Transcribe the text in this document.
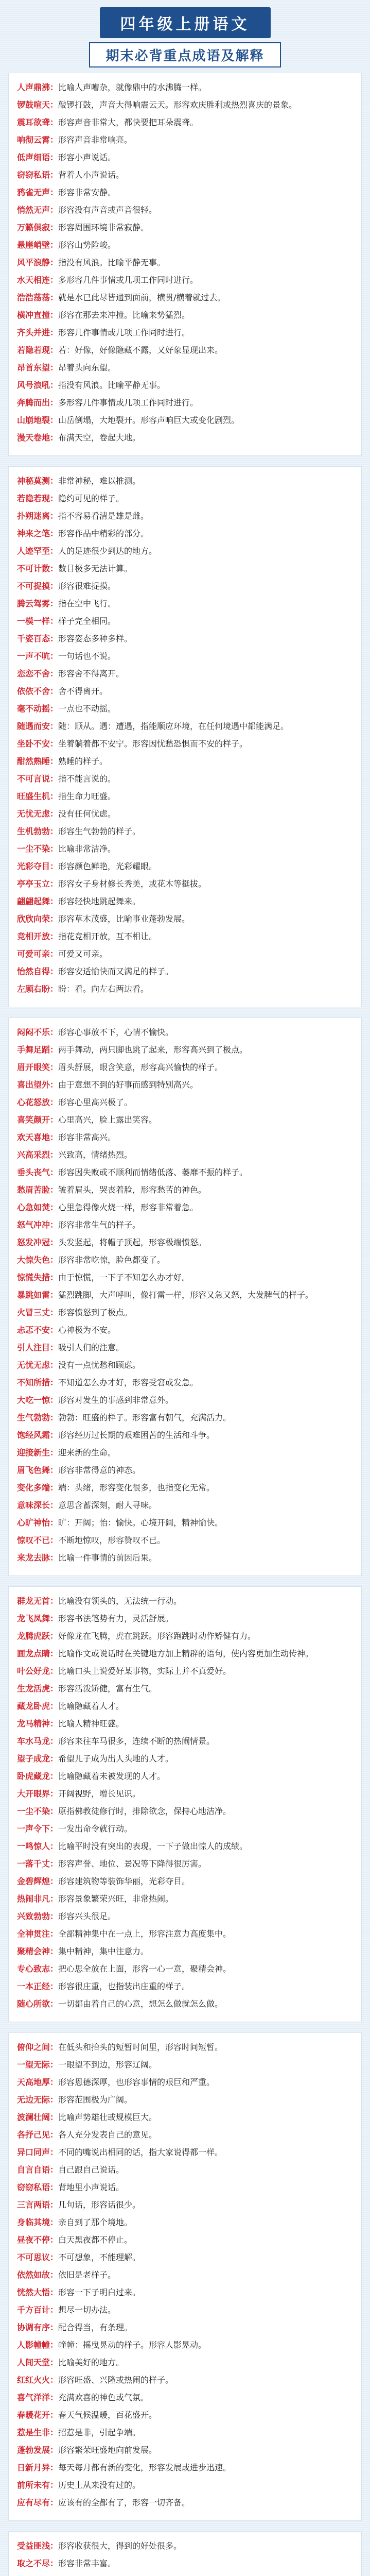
四年级上册语文
期末必背重点成语及解释
人声鼎沸：比喻人声嘈杂，就像鼎中的水沸腾一样。
锣鼓喧天：敲锣打鼓，声音大得响震云天。形容欢庆胜利或热烈喜庆的景象。
震耳欲聋：形容声音非常大，都快要把耳朵震聋。
响彻云霄：形容声音非常响亮。
低声细语：形容小声说话。
窃窃私语：背着人小声说话。
鸦雀无声：形容非常安静。
悄然无声：形容没有声音或声音很轻。
万籁俱寂：形容周围环境非常寂静。
悬崖峭壁：形容山势险峻。
风平浪静：指没有风浪。比喻平静无事。
水天相连：多形容几件事情或几项工作同时进行。
浩浩荡荡：就是水已此尽皆通到面前，横贯/横着就过去。
横冲直撞：形容在那去来冲撞。比喻来势猛烈。
齐头并进：形容几件事情或几项工作同时进行。
若隐若现：若：好像，好像隐藏不露，又好象显现出来。
昂首东望：昂着头向东望。
风号浪吼：指没有风浪。比喻平静无事。
奔腾而出：多形容几件事情或几项工作同时进行。
山崩地裂：山岳倒塌，大地裂开。形容声响巨大或变化剧烈。
漫天卷地：布满天空，卷起大地。
神秘莫测：非常神秘，难以推测。
若隐若现：隐约可见的样子。
扑朔迷离：指不容易看清是雄是雌。
神来之笔：形容作品中精彩的部分。
人迹罕至：人的足迹很少到达的地方。
不可计数：数目极多无法计算。
不可捉摸：形容很难捉摸。
腾云驾雾：指在空中飞行。
一模一样：样子完全相同。
千姿百态：形容姿态多种多样。
一声不吭：一句话也不说。
恋恋不舍：形容舍不得离开。
依依不舍：舍不得离开。
毫不动摇：一点也不动摇。
随遇而安：随：顺从。遇：遭遇，指能顺应环境，在任何境遇中都能满足。
坐卧不安：坐着躺着都不安宁。形容因忧愁恐惧而不安的样子。
酣然熟睡：熟睡的样子。
不可言说：指不能言说的。
旺盛生机：指生命力旺盛。
无忧无虑：没有任何忧虑。
生机勃勃：形容生气勃勃的样子。
一尘不染：比喻非常洁净。
光彩夺目：形容颜色鲜艳，光彩耀眼。
亭亭玉立：形容女子身材修长秀美，或花木等挺拔。
翩翩起舞：形容轻快地跳起舞来。
欣欣向荣：形容草木茂盛，比喻事业蓬勃发展。
竞相开放：指花竞相开放，互不相让。
可爱可亲：可爱又可亲。
怡然自得：形容安适愉快而又满足的样子。
左顾右盼：盼：看。向左右两边看。
闷闷不乐：形容心事放不下，心情不愉快。
手舞足蹈：两手舞动，两只脚也跳了起来，形容高兴到了极点。
眉开眼笑：眉头舒展，眼含笑意，形容高兴愉快的样子。
喜出望外：由于意想不到的好事而感到特别高兴。
心花怒放：形容心里高兴极了。
喜笑颜开：心里高兴，脸上露出笑容。
欢天喜地：形容非常高兴。
兴高采烈：兴致高，情绪热烈。
垂头丧气：形容因失败或不顺利而情绪低落、萎靡不振的样子。
愁眉苦脸：皱着眉头，哭丧着脸，形容愁苦的神色。
心急如焚：心里急得像火烧一样，形容非常着急。
怒气冲冲：形容非常生气的样子。
怒发冲冠：头发竖起，将帽子顶起，形容极端愤怒。
大惊失色：形容非常吃惊，脸色都变了。
惊慌失措：由于惊慌，一下子不知怎么办才好。
暴跳如雷：猛烈跳脚，大声呼叫，像打雷一样，形容又急又怒，大发脾气的样子。
火冒三丈：形容愤怒到了极点。
忐忑不安：心神极为不安。
引人注目：吸引人们的注意。
无忧无虑：没有一点忧愁和顾虑。
不知所措：不知道怎么办才好，形容受窘或发急。
大吃一惊：形容对发生的事感到非常意外。
生气勃勃：勃勃：旺盛的样子。形容富有朝气，充满活力。
饱经风霜：形容经历过长期的艰难困苦的生活和斗争。
迎接新生：迎来新的生命。
眉飞色舞：形容非常得意的神态。
变化多端：端：头绪，形容变化很多，也指变化无常。
意味深长：意思含蓄深刻，耐人寻味。
心旷神怡：旷：开阔；怡：愉快。心境开阔，精神愉快。
惊叹不已：不断地惊叹，形容赞叹不已。
来龙去脉：比喻一件事情的前因后果。
群龙无首：比喻没有领头的，无法统一行动。
龙飞凤舞：形容书法笔势有力，灵活舒展。
龙腾虎跃：好像龙在飞腾，虎在跳跃。形容跑跳时动作矫健有力。
画龙点睛：比喻作文或说话时在关键地方加上精辟的语句，使内容更加生动传神。
叶公好龙：比喻口头上说爱好某事物，实际上并不真爱好。
生龙活虎：形容活泼矫健，富有生气。
藏龙卧虎：比喻隐藏着人才。
龙马精神：比喻人精神旺盛。
车水马龙：形容来往车马很多，连续不断的热闹情景。
望子成龙：希望儿子成为出人头地的人才。
卧虎藏龙：比喻隐藏着未被发现的人才。
大开眼界：开阔视野，增长见识。
一尘不染：原指佛教徒修行时，排除欲念，保持心地洁净。
一声令下：一发出命令就行动。
一鸣惊人：比喻平时没有突出的表现，一下子做出惊人的成绩。
一落千丈：形容声誉、地位、景况等下降得很厉害。
金碧辉煌：形容建筑物等装饰华丽，光彩夺目。
热闹非凡：形容景象繁荣兴旺，非常热闹。
兴致勃勃：形容兴头很足。
全神贯注：全部精神集中在一点上，形容注意力高度集中。
聚精会神：集中精神，集中注意力。
专心致志：把心思全放在上面，形容一心一意，聚精会神。
一本正经：形容很庄重，也指装出庄重的样子。
随心所欲：一切都由着自己的心意，想怎么做就怎么做。
俯仰之间：在低头和抬头的短暂时间里，形容时间短暂。
一望无际：一眼望不到边，形容辽阔。
天高地厚：形容恩德深厚，也形容事情的艰巨和严重。
无边无际：形容范围极为广阔。
波澜壮阔：比喻声势雄壮或规模巨大。
各抒己见：各人充分发表自己的意见。
异口同声：不同的嘴说出相同的话，指大家说得都一样。
自言自语：自己跟自己说话。
窃窃私语：背地里小声说话。
三言两语：几句话，形容话很少。
身临其境：亲自到了那个境地。
昼夜不停：白天黑夜都不停止。
不可思议：不可想象，不能理解。
依然如故：依旧是老样子。
恍然大悟：形容一下子明白过来。
千方百计：想尽一切办法。
协调有序：配合得当，有条理。
人影幢幢：幢幢：摇曳晃动的样子。形容人影晃动。
人间天堂：比喻美好的地方。
红红火火：形容旺盛、兴隆或热闹的样子。
喜气洋洋：充满欢喜的神色或气氛。
春暖花开：春天气候温暖，百花盛开。
惹是生非：招惹是非，引起争端。
蓬勃发展：形容繁荣旺盛地向前发展。
日新月异：每天每月都有新的变化，形容发展或进步迅速。
前所未有：历史上从来没有过的。
应有尽有：应该有的全都有了，形容一切齐备。
受益匪浅：形容收获很大，得到的好处很多。
取之不尽：形容非常丰富。
